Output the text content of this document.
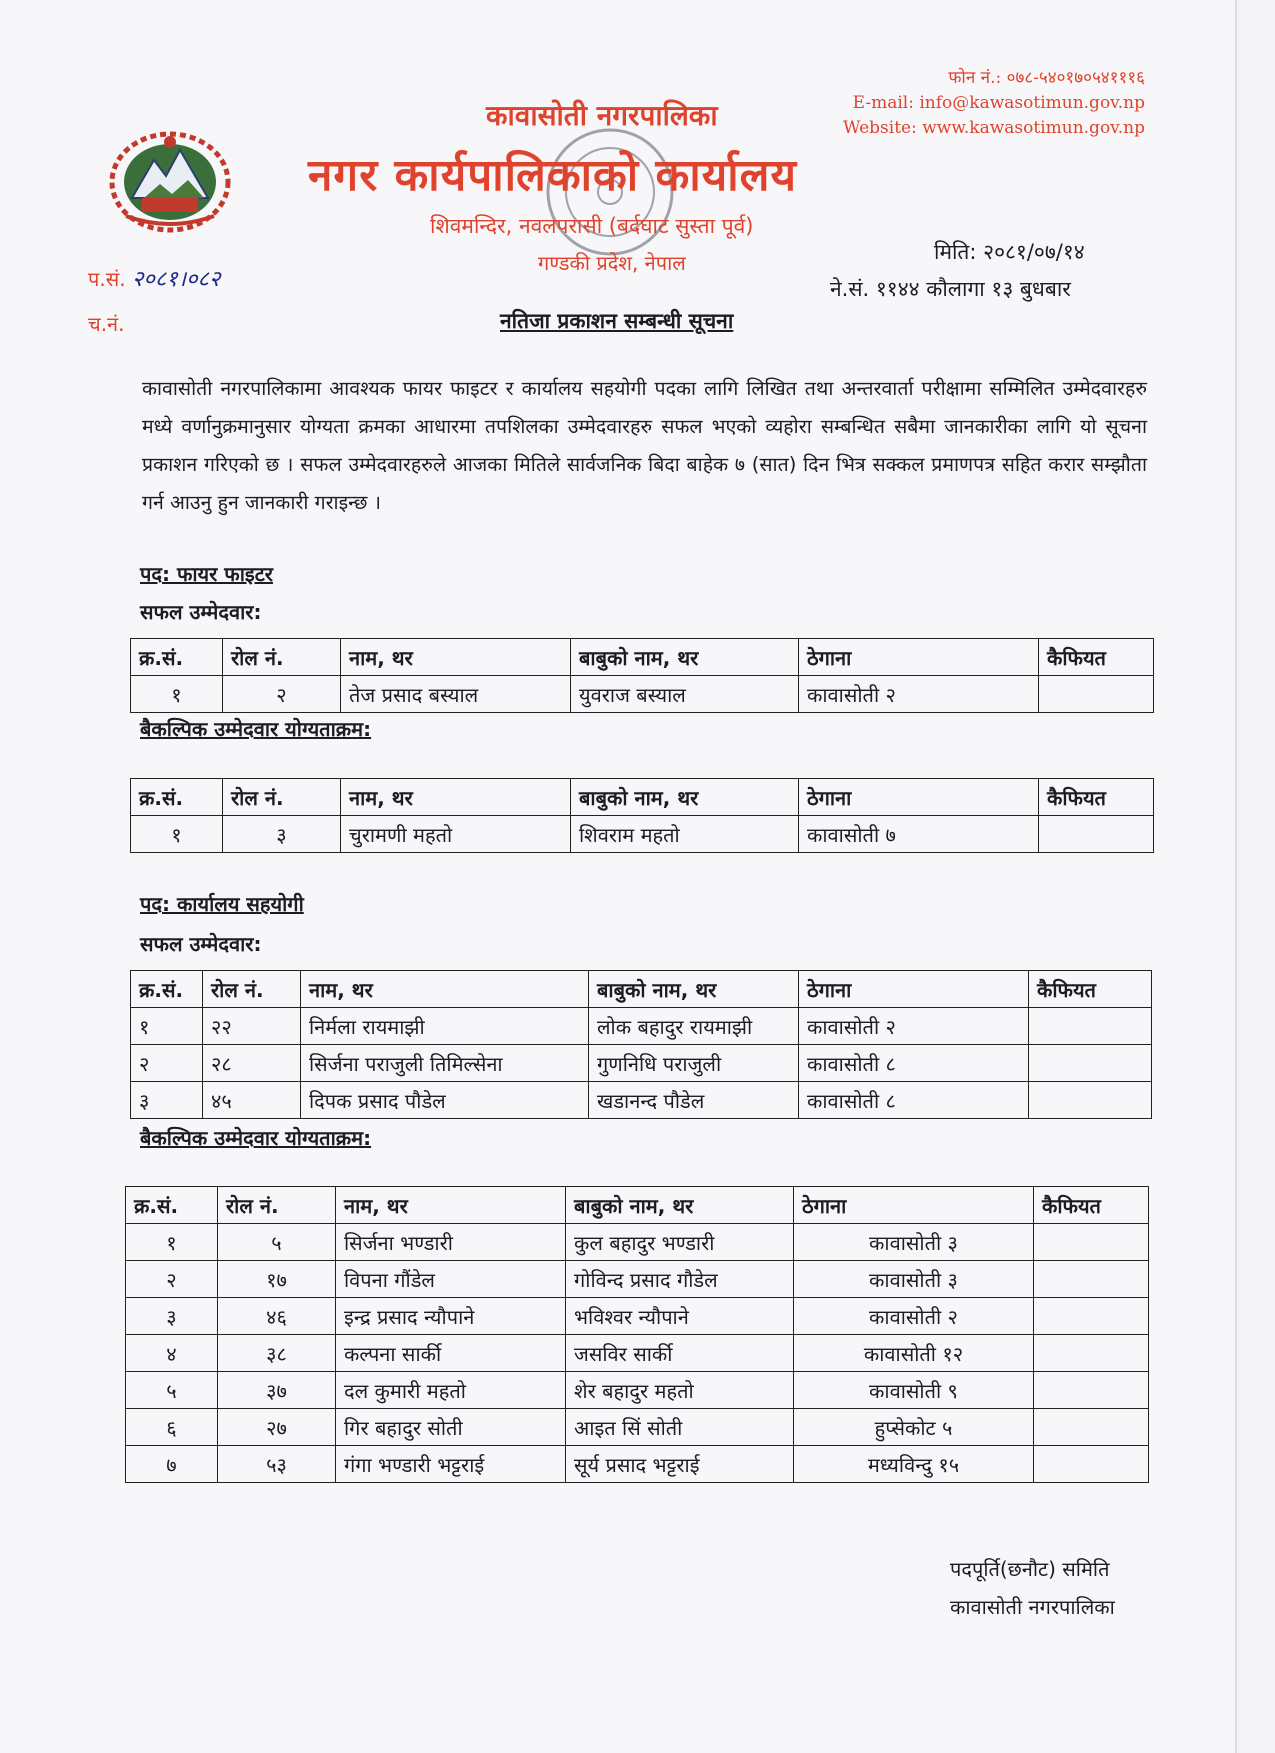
कावासोती नगरपालिका
नगर कार्यपालिकाको कार्यालय
शिवमन्दिर, नवलपरासी (बर्दघाट सुस्ता पूर्व)
गण्डकी प्रदेश, नेपाल
फोन नं.: ०७८-५४०१७०५४१११६
E-mail: info@kawasotimun.gov.np
Website: www.kawasotimun.gov.np
प.सं. २०८१।०८२
च.नं.
मिति: २०८१/०७/१४
ने.सं. ११४४ कौलागा १३ बुधबार
नतिजा प्रकाशन सम्बन्धी सूचना
कावासोती नगरपालिकामा आवश्यक फायर फाइटर र कार्यालय सहयोगी पदका लागि लिखित तथा अन्तरवार्ता परीक्षामा सम्मिलित उम्मेदवारहरु मध्ये वर्णानुक्रमानुसार योग्यता क्रमका आधारमा तपशिलका उम्मेदवारहरु सफल भएको व्यहोरा सम्बन्धित सबैमा जानकारीका लागि यो सूचना प्रकाशन गरिएको छ । सफल उम्मेदवारहरुले आजका मितिले सार्वजनिक बिदा बाहेक ७ (सात) दिन भित्र सक्कल प्रमाणपत्र सहित करार सम्झौता गर्न आउनु हुन जानकारी गराइन्छ ।
पद: फायर फाइटर
सफल उम्मेदवार:
क्र.सं.	रोल नं.	नाम, थर	बाबुको नाम, थर	ठेगाना	कैफियत
१	२	तेज प्रसाद बस्याल	युवराज बस्याल	कावासोती २	
बैकल्पिक उम्मेदवार योग्यताक्रम:
क्र.सं.	रोल नं.	नाम, थर	बाबुको नाम, थर	ठेगाना	कैफियत
१	३	चुरामणी महतो	शिवराम महतो	कावासोती ७	
पद: कार्यालय सहयोगी
सफल उम्मेदवार:
क्र.सं.	रोल नं.	नाम, थर	बाबुको नाम, थर	ठेगाना	कैफियत
१	२२	निर्मला रायमाझी	लोक बहादुर रायमाझी	कावासोती २	
२	२८	सिर्जना पराजुली तिमिल्सेना	गुणनिधि पराजुली	कावासोती ८	
३	४५	दिपक प्रसाद पौडेल	खडानन्द पौडेल	कावासोती ८	
बैकल्पिक उम्मेदवार योग्यताक्रम:
क्र.सं.	रोल नं.	नाम, थर	बाबुको नाम, थर	ठेगाना	कैफियत
१	५	सिर्जना भण्डारी	कुल बहादुर भण्डारी	कावासोती ३	
२	१७	विपना गौंडेल	गोविन्द प्रसाद गौडेल	कावासोती ३	
३	४६	इन्द्र प्रसाद न्यौपाने	भविश्वर न्यौपाने	कावासोती २	
४	३८	कल्पना सार्की	जसविर सार्की	कावासोती १२	
५	३७	दल कुमारी महतो	शेर बहादुर महतो	कावासोती ९	
६	२७	गिर बहादुर सोती	आइत सिं सोती	हुप्सेकोट ५	
७	५३	गंगा भण्डारी भट्टराई	सूर्य प्रसाद भट्टराई	मध्यविन्दु १५	
पदपूर्ति(छनौट) समिति
कावासोती नगरपालिका
